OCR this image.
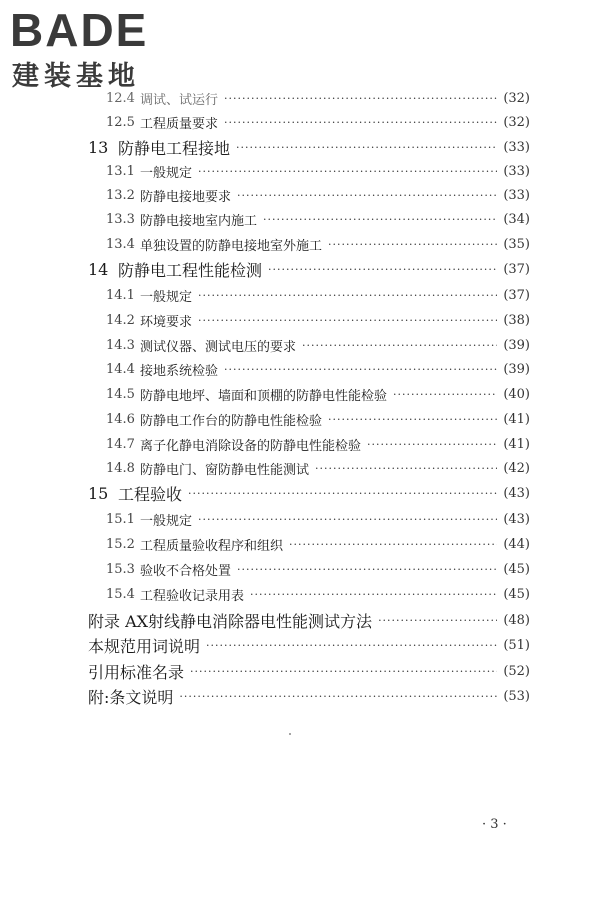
BADE
建装基地
12.4 调试、试运行 ·····	(32)
12.5 工程质量要求 ·····	(32)
13 防静电工程接地 ·····	(33)
13.1 一般规定 ·····	(33)
13.2 防静电接地要求 ·····	(33)
13.3 防静电接地室内施工 ·····	(34)
13.4 单独设置的防静电接地室外施工 ·····	(35)
14 防静电工程性能检测 ·····	(37)
14.1 一般规定 ·····	(37)
14.2 环境要求 ·····	(38)
14.3 测试仪器、测试电压的要求 ·····	(39)
14.4 接地系统检验 ·····	(39)
14.5 防静电地坪、墙面和顶棚的防静电性能检验 ·····	(40)
14.6 防静电工作台的防静电性能检验 ·····	(41)
14.7 离子化静电消除设备的防静电性能检验 ·····	(41)
14.8 防静电门、窗防静电性能测试 ·····	(42)
15 工程验收 ·····	(43)
15.1 一般规定 ·····	(43)
15.2 工程质量验收程序和组织 ·····	(44)
15.3 验收不合格处置 ·····	(45)
15.4 工程验收记录用表 ·····	(45)
附录 A X射线静电消除器电性能测试方法 ·····	(48)
本规范用词说明 ·····	(51)
引用标准名录 ·····	(52)
附:条文说明 ·····	(53)
· 3 ·
